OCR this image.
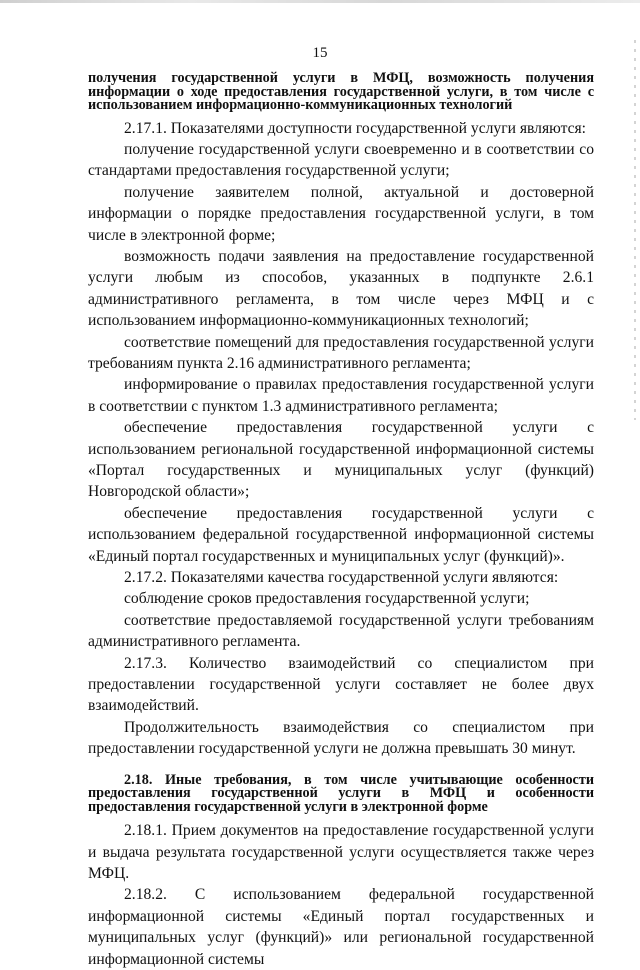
15

получения государственной услуги в МФЦ, возможность получения информации о ходе предоставления государственной услуги, в том числе с использованием информационно-коммуникационных технологий

2.17.1. Показателями доступности государственной услуги являются:

получение государственной услуги своевременно и в соответствии со стандартами предоставления государственной услуги;

получение заявителем полной, актуальной и достоверной информации о порядке предоставления государственной услуги, в том числе в электронной форме;

возможность подачи заявления на предоставление государственной услуги любым из способов, указанных в подпункте 2.6.1 административного регламента, в том числе через МФЦ и с использованием информационно-коммуникационных технологий;

соответствие помещений для предоставления государственной услуги требованиям пункта 2.16 административного регламента;

информирование о правилах предоставления государственной услуги в соответствии с пунктом 1.3 административного регламента;

обеспечение предоставления государственной услуги с использованием региональной государственной информационной системы «Портал государственных и муниципальных услуг (функций) Новгородской области»;

обеспечение предоставления государственной услуги с использованием федеральной государственной информационной системы «Единый портал государственных и муниципальных услуг (функций)».

2.17.2. Показателями качества государственной услуги являются:

соблюдение сроков предоставления государственной услуги;

соответствие предоставляемой государственной услуги требованиям административного регламента.

2.17.3. Количество взаимодействий со специалистом при предоставлении государственной услуги составляет не более двух взаимодействий.

Продолжительность взаимодействия со специалистом при предоставлении государственной услуги не должна превышать 30 минут.

2.18. Иные требования, в том числе учитывающие особенности предоставления государственной услуги в МФЦ и особенности предоставления государственной услуги в электронной форме

2.18.1. Прием документов на предоставление государственной услуги и выдача результата государственной услуги осуществляется также через МФЦ.

2.18.2. С использованием федеральной государственной информационной системы «Единый портал государственных и муниципальных услуг (функций)» или региональной государственной информационной системы
